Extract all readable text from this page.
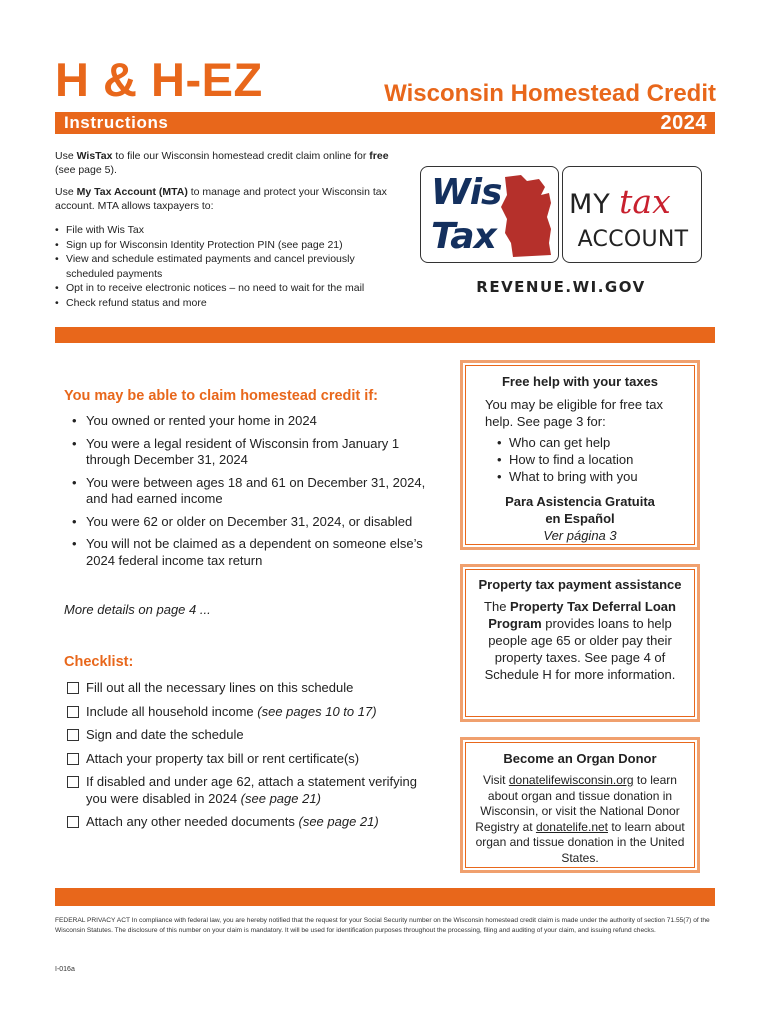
H & H-EZ	Wisconsin Homestead Credit
Instructions	2024

Use WisTax to file our Wisconsin homestead credit claim online for free (see page 5).

Use My Tax Account (MTA) to manage and protect your Wisconsin tax account. MTA allows taxpayers to:

• File with Wis Tax
• Sign up for Wisconsin Identity Protection PIN (see page 21)
• View and schedule estimated payments and cancel previously scheduled payments
• Opt in to receive electronic notices – no need to wait for the mail
• Check refund status and more
Wis
Tax
MY tax
ACCOUNT
REVENUE.WI.GOV
You may be able to claim homestead credit if:
• You owned or rented your home in 2024
• You were a legal resident of Wisconsin from January 1 through December 31, 2024
• You were between ages 18 and 61 on December 31, 2024, and had earned income
• You were 62 or older on December 31, 2024, or disabled
• You will not be claimed as a dependent on someone else’s 2024 federal income tax return
More details on page 4 ...
Checklist:
Fill out all the necessary lines on this schedule
Include all household income (see pages 10 to 17)
Sign and date the schedule
Attach your property tax bill or rent certificate(s)
If disabled and under age 62, attach a statement verifying you were disabled in 2024 (see page 21)
Attach any other needed documents (see page 21)
Free help with your taxes
You may be eligible for free tax help. See page 3 for:
• Who can get help
• How to find a location
• What to bring with you
Para Asistencia Gratuita
en Español
Ver página 3
Property tax payment assistance
The Property Tax Deferral Loan Program provides loans to help people age 65 or older pay their property taxes. See page 4 of Schedule H for more information.
Become an Organ Donor
Visit donatelifewisconsin.org to learn about organ and tissue donation in Wisconsin, or visit the National Donor Registry at donatelife.net to learn about organ and tissue donation in the United States.

FEDERAL PRIVACY ACT In compliance with federal law, you are hereby notified that the request for your Social Security number on the Wisconsin homestead credit claim is made under the authority of section 71.55(7) of the Wisconsin Statutes. The disclosure of this number on your claim is mandatory. It will be used for identification purposes throughout the processing, filing and auditing of your claim, and issuing refund checks.

I-016a
